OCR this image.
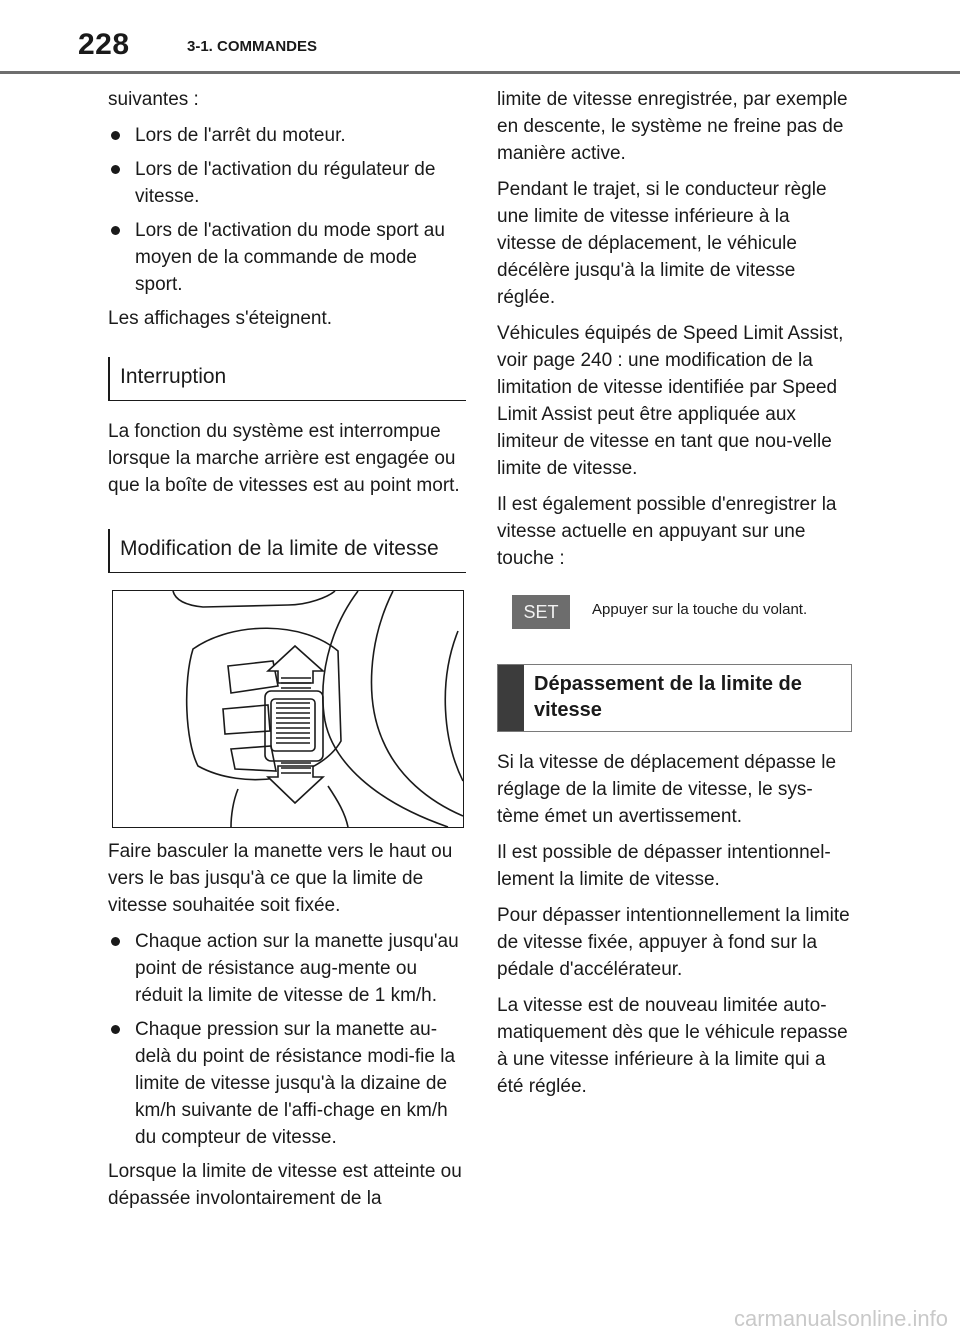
228	3-1. COMMANDES

suivantes :

Lors de l'arrêt du moteur.
Lors de l'activation du régulateur de vitesse.
Lors de l'activation du mode sport au moyen de la commande de mode sport.

Les affichages s'éteignent.

Interruption

La fonction du système est interrompue lorsque la marche arrière est engagée ou que la boîte de vitesses est au point mort.

Modification de la limite de vitesse

Faire basculer la manette vers le haut ou vers le bas jusqu'à ce que la limite de vitesse souhaitée soit fixée.

Chaque action sur la manette jusqu'au point de résistance aug-mente ou réduit la limite de vitesse de 1 km/h.
Chaque pression sur la manette au-delà du point de résistance modi-fie la limite de vitesse jusqu'à la dizaine de km/h suivante de l'affi-chage en km/h du compteur de vitesse.

Lorsque la limite de vitesse est atteinte ou dépassée involontairement de la

limite de vitesse enregistrée, par exemple en descente, le système ne freine pas de manière active.

Pendant le trajet, si le conducteur règle une limite de vitesse inférieure à la vitesse de déplacement, le véhicule décélère jusqu'à la limite de vitesse réglée.

Véhicules équipés de Speed Limit Assist, voir page 240 : une modification de la limitation de vitesse identifiée par Speed Limit Assist peut être appliquée aux limiteur de vitesse en tant que nou-velle limite de vitesse.

Il est également possible d'enregistrer la vitesse actuelle en appuyant sur une touche :

SET	Appuyer sur la touche du volant.
Dépassement de la limite de vitesse

Si la vitesse de déplacement dépasse le réglage de la limite de vitesse, le sys-tème émet un avertissement.

Il est possible de dépasser intentionnel-lement la limite de vitesse.

Pour dépasser intentionnellement la limite de vitesse fixée, appuyer à fond sur la pédale d'accélérateur.

La vitesse est de nouveau limitée auto-matiquement dès que le véhicule repasse à une vitesse inférieure à la limite qui a été réglée.

carmanualsonline.info
